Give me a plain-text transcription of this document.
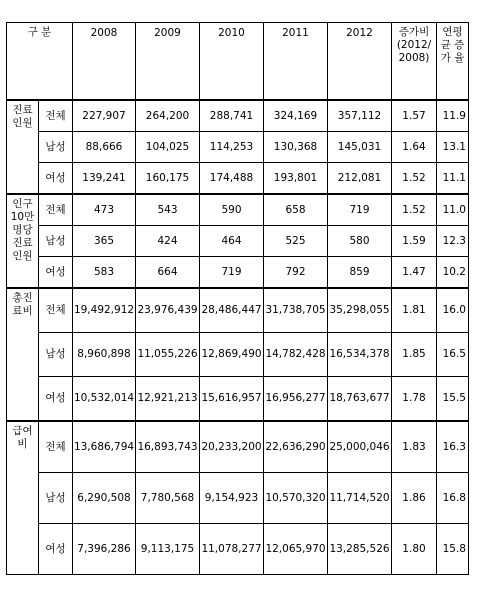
구 분		2008	2009	2010	2011	2012	증가비 (2012/ 2008)	연평 균 증가 율
진료 인원	전체	227,907	264,200	288,741	324,169	357,112	1.57	11.9
	남성	88,666	104,025	114,253	130,368	145,031	1.64	13.1
	여성	139,241	160,175	174,488	193,801	212,081	1.52	11.1
인구 10만 명당 진료 인원	전체	473	543	590	658	719	1.52	11.0
	남성	365	424	464	525	580	1.59	12.3
	여성	583	664	719	792	859	1.47	10.2
총진 료비	전체	19,492,912	23,976,439	28,486,447	31,738,705	35,298,055	1.81	16.0
	남성	8,960,898	11,055,226	12,869,490	14,782,428	16,534,378	1.85	16.5
	여성	10,532,014	12,921,213	15,616,957	16,956,277	18,763,677	1.78	15.5
급여 비	전체	13,686,794	16,893,743	20,233,200	22,636,290	25,000,046	1.83	16.3
	남성	6,290,508	7,780,568	9,154,923	10,570,320	11,714,520	1.86	16.8
	여성	7,396,286	9,113,175	11,078,277	12,065,970	13,285,526	1.80	15.8
